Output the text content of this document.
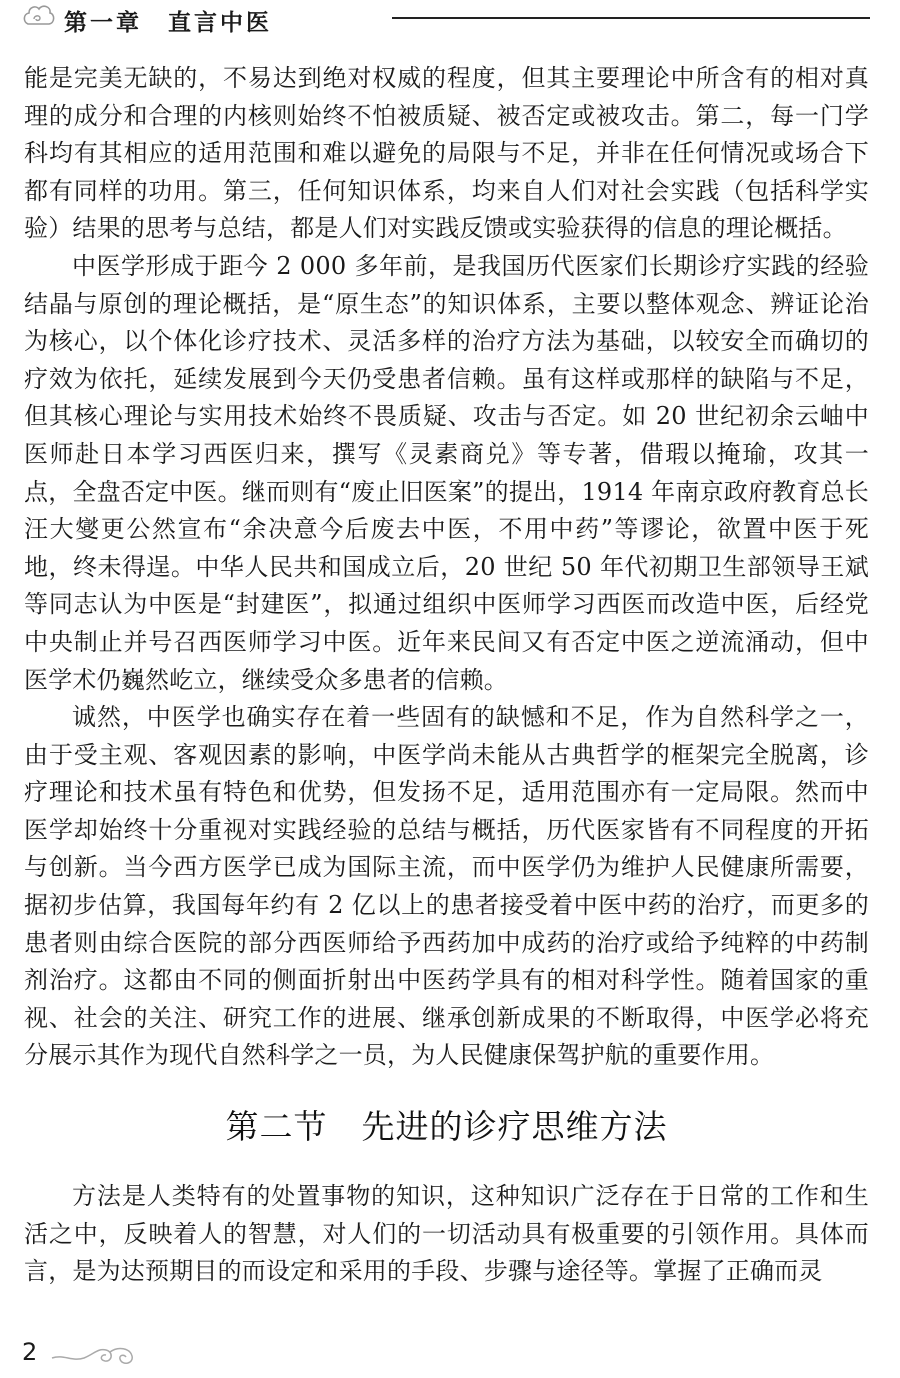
第一章　直言中医

能是完美无缺的，不易达到绝对权威的程度，但其主要理论中所含有的相对真理的成分和合理的内核则始终不怕被质疑、被否定或被攻击。第二，每一门学科均有其相应的适用范围和难以避免的局限与不足，并非在任何情况或场合下都有同样的功用。第三，任何知识体系，均来自人们对社会实践（包括科学实验）结果的思考与总结，都是人们对实践反馈或实验获得的信息的理论概括。

中医学形成于距今 2 000 多年前，是我国历代医家们长期诊疗实践的经验结晶与原创的理论概括，是“原生态”的知识体系，主要以整体观念、辨证论治为核心，以个体化诊疗技术、灵活多样的治疗方法为基础，以较安全而确切的疗效为依托，延续发展到今天仍受患者信赖。虽有这样或那样的缺陷与不足，但其核心理论与实用技术始终不畏质疑、攻击与否定。如 20 世纪初余云岫中医师赴日本学习西医归来，撰写《灵素商兑》等专著，借瑕以掩瑜，攻其一点，全盘否定中医。继而则有“废止旧医案”的提出，1914 年南京政府教育总长汪大燮更公然宣布“余决意今后废去中医，不用中药”等谬论，欲置中医于死地，终未得逞。中华人民共和国成立后，20 世纪 50 年代初期卫生部领导王斌等同志认为中医是“封建医”，拟通过组织中医师学习西医而改造中医，后经党中央制止并号召西医师学习中医。近年来民间又有否定中医之逆流涌动，但中医学术仍巍然屹立，继续受众多患者的信赖。

诚然，中医学也确实存在着一些固有的缺憾和不足，作为自然科学之一，由于受主观、客观因素的影响，中医学尚未能从古典哲学的框架完全脱离，诊疗理论和技术虽有特色和优势，但发扬不足，适用范围亦有一定局限。然而中医学却始终十分重视对实践经验的总结与概括，历代医家皆有不同程度的开拓与创新。当今西方医学已成为国际主流，而中医学仍为维护人民健康所需要，据初步估算，我国每年约有 2 亿以上的患者接受着中医中药的治疗，而更多的患者则由综合医院的部分西医师给予西药加中成药的治疗或给予纯粹的中药制剂治疗。这都由不同的侧面折射出中医药学具有的相对科学性。随着国家的重视、社会的关注、研究工作的进展、继承创新成果的不断取得，中医学必将充分展示其作为现代自然科学之一员，为人民健康保驾护航的重要作用。

第二节　先进的诊疗思维方法

方法是人类特有的处置事物的知识，这种知识广泛存在于日常的工作和生活之中，反映着人的智慧，对人们的一切活动具有极重要的引领作用。具体而言，是为达预期目的而设定和采用的手段、步骤与途径等。掌握了正确而灵

2
